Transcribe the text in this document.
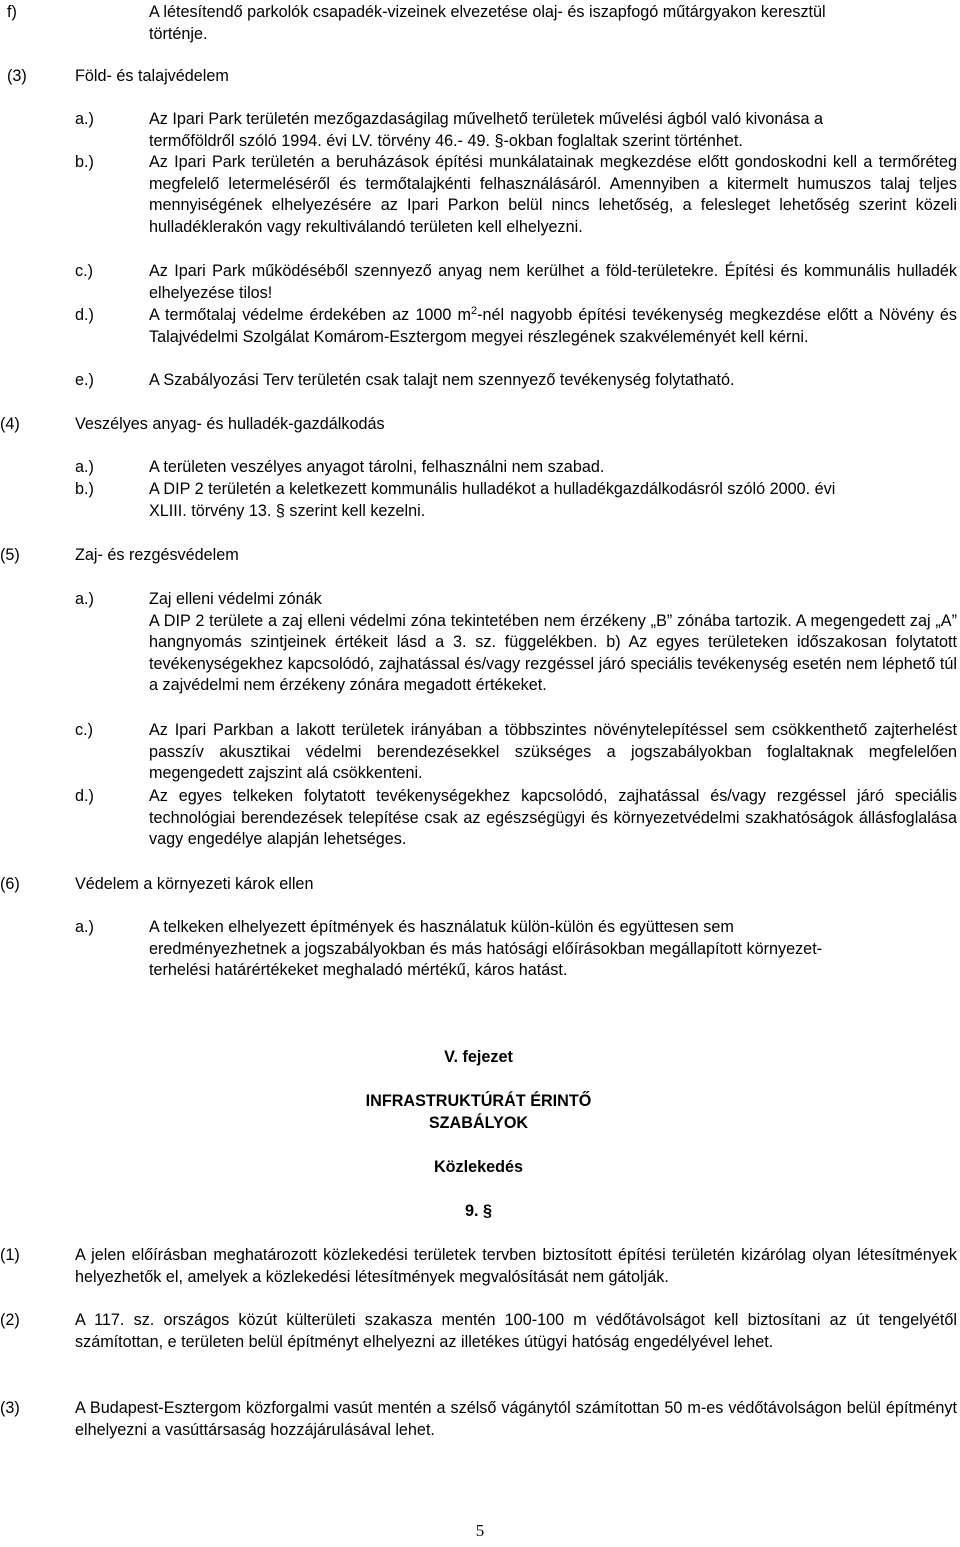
f)	A létesítendő parkolók csapadék-vizeinek elvezetése olaj- és iszapfogó műtárgyakon keresztül
történje.
(3)	Föld- és talajvédelem
a.)	Az Ipari Park területén mezőgazdaságilag művelhető területek művelési ágból való kivonása a
termőföldről szóló 1994. évi LV. törvény 46.- 49. §-okban foglaltak szerint történhet.
b.)	Az Ipari Park területén a beruházások építési munkálatainak megkezdése előtt gondoskodni kell a termőréteg megfelelő letermeléséről és termőtalajkénti felhasználásáról. Amennyiben a kitermelt humuszos talaj teljes mennyiségének elhelyezésére az Ipari Parkon belül nincs lehetőség, a felesleget lehetőség szerint közeli hulladéklerakón vagy rekultiválandó területen kell elhelyezni.
c.)	Az Ipari Park működéséből szennyező anyag nem kerülhet a föld-területekre. Építési és kommunális hulladék elhelyezése tilos!
d.)	A termőtalaj védelme érdekében az 1000 $m^2$-nél nagyobb építési tevékenység megkezdése előtt a Növény és Talajvédelmi Szolgálat Komárom-Esztergom megyei részlegének szakvéleményét kell kérni.
e.)	A Szabályozási Terv területén csak talajt nem szennyező tevékenység folytatható.
(4)	Veszélyes anyag- és hulladék-gazdálkodás
a.)	A területen veszélyes anyagot tárolni, felhasználni nem szabad.
b.)	A DIP 2 területén a keletkezett kommunális hulladékot a hulladékgazdálkodásról szóló 2000. évi
XLIII. törvény 13. § szerint kell kezelni.
(5)	Zaj- és rezgésvédelem
a.)	Zaj elleni védelmi zónák
A DIP 2 területe a zaj elleni védelmi zóna tekintetében nem érzékeny „B” zónába tartozik. A megengedett zaj „A” hangnyomás szintjeinek értékeit lásd a 3. sz. függelékben. b) Az egyes területeken időszakosan folytatott tevékenységekhez kapcsolódó, zajhatással és/vagy rezgéssel járó speciális tevékenység esetén nem léphető túl a zajvédelmi nem érzékeny zónára megadott értékeket.
c.)	Az Ipari Parkban a lakott területek irányában a többszintes növénytelepítéssel sem csökkenthető zajterhelést passzív akusztikai védelmi berendezésekkel szükséges a jogszabályokban foglaltaknak megfelelően megengedett zajszint alá csökkenteni.
d.)	Az egyes telkeken folytatott tevékenységekhez kapcsolódó, zajhatással és/vagy rezgéssel járó speciális technológiai berendezések telepítése csak az egészségügyi és környezetvédelmi szakhatóságok állásfoglalása vagy engedélye alapján lehetséges.
(6)	Védelem a környezeti károk ellen
a.)	A telkeken elhelyezett építmények és használatuk külön-külön és együttesen sem
eredményezhetnek a jogszabályokban és más hatósági előírásokban megállapított környezet-
terhelési határértékeket meghaladó mértékű, káros hatást.
V. fejezet
INFRASTRUKTÚRÁT ÉRINTŐ
SZABÁLYOK
Közlekedés
9. §
(1)	A jelen előírásban meghatározott közlekedési területek tervben biztosított építési területén kizárólag olyan létesítmények helyezhetők el, amelyek a közlekedési létesítmények megvalósítását nem gátolják.
(2)	A 117. sz. országos közút külterületi szakasza mentén 100-100 m védőtávolságot kell biztosítani az út tengelyétől számítottan, e területen belül építményt elhelyezni az illetékes útügyi hatóság engedélyével lehet.
(3)	A Budapest-Esztergom közforgalmi vasút mentén a szélső vágánytól számítottan 50 m-es védőtávolságon belül építményt elhelyezni a vasúttársaság hozzájárulásával lehet.
5
